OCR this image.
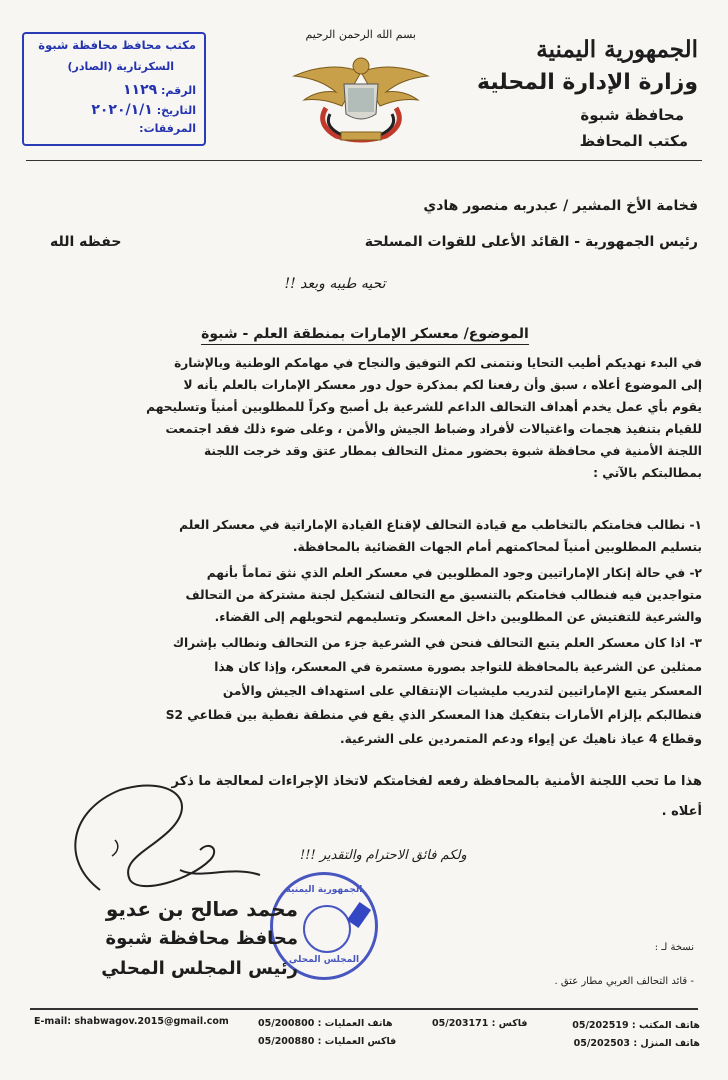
مكتب محافظ محافظة شبوة
السكرتارية (الصادر)
الرقم: ١١٢٩
التاريخ: ٢٠٢٠/١/١
المرفقات:
بسم الله الرحمن الرحيم
الجمهورية اليمنية
وزارة الإدارة المحلية
محافظة شبوة
مكتب المحافظ
فخامة الأخ المشير / عبدربه منصور هادي
رئيس الجمهورية - القائد الأعلى للقوات المسلحة
حفظه الله
تحيه طيبه وبعد !!
الموضوع/ معسكر الإمارات بمنطقة العلم - شبوة
في البدء نهديكم أطيب التحايا ونتمنى لكم التوفيق والنجاح في مهامكم الوطنية وبالإشارة
إلى الموضوع أعلاه ، سبق وأن رفعنا لكم بمذكرة حول دور معسكر الإمارات بالعلم بأنه لا
يقوم بأي عمل يخدم أهداف التحالف الداعم للشرعية بل أصبح وكراً للمطلوبين أمنياً وتسليحهم
للقيام بتنفيذ هجمات واغتيالات لأفراد وضباط الجيش والأمن ، وعلى ضوء ذلك فقد اجتمعت
اللجنة الأمنية في محافظة شبوة بحضور ممثل التحالف بمطار عتق وقد خرجت اللجنة
بمطالبتكم بالآتي :
١- نطالب فخامتكم بالتخاطب مع قيادة التحالف لإقناع القيادة الإماراتية في معسكر العلم
بتسليم المطلوبين أمنياً لمحاكمتهم أمام الجهات القضائية بالمحافظة.
٢- في حالة إنكار الإماراتيين وجود المطلوبين في معسكر العلم الذي نثق تماماً بأنهم
متواجدين فيه فنطالب فخامتكم بالتنسيق مع التحالف لتشكيل لجنة مشتركة من التحالف
والشرعية للتفتيش عن المطلوبين داخل المعسكر وتسليمهم لتحويلهم إلى القضاء.
٣- اذا كان معسكر العلم يتبع التحالف فنحن في الشرعية جزء من التحالف ونطالب بإشراك
ممثلين عن الشرعية بالمحافظة للتواجد بصورة مستمرة في المعسكر، وإذا كان هذا
المعسكر يتبع الإماراتيين لتدريب مليشيات الإنتقالي على استهداف الجيش والأمن
فنطالبكم بإلزام الأمارات بتفكيك هذا المعسكر الذي يقع في منطقة نفطية بين قطاعي S2
وقطاع 4 عياذ ناهيك عن إيواء ودعم المتمردين على الشرعية.
هذا ما تحب اللجنة الأمنية بالمحافظة رفعه لفخامتكم لاتخاذ الإجراءات لمعالجة ما ذكر
أعلاه .
ولكم فائق الاحترام والتقدير !!!
الجمهورية اليمنية
المجلس المحلي
محمد صالح بن عديو
محافظ محافظة شبوة
رئيس المجلس المحلي
نسخة لـ :
- قائد التحالف العربي مطار عتق .
E-mail: shabwagov.2015@gmail.com	هاتف العمليات : 05/200800
فاكس العمليات : 05/200880
فاكس : 05/203171	هاتف المكتب : 05/202519
هاتف المنزل : 05/202503
